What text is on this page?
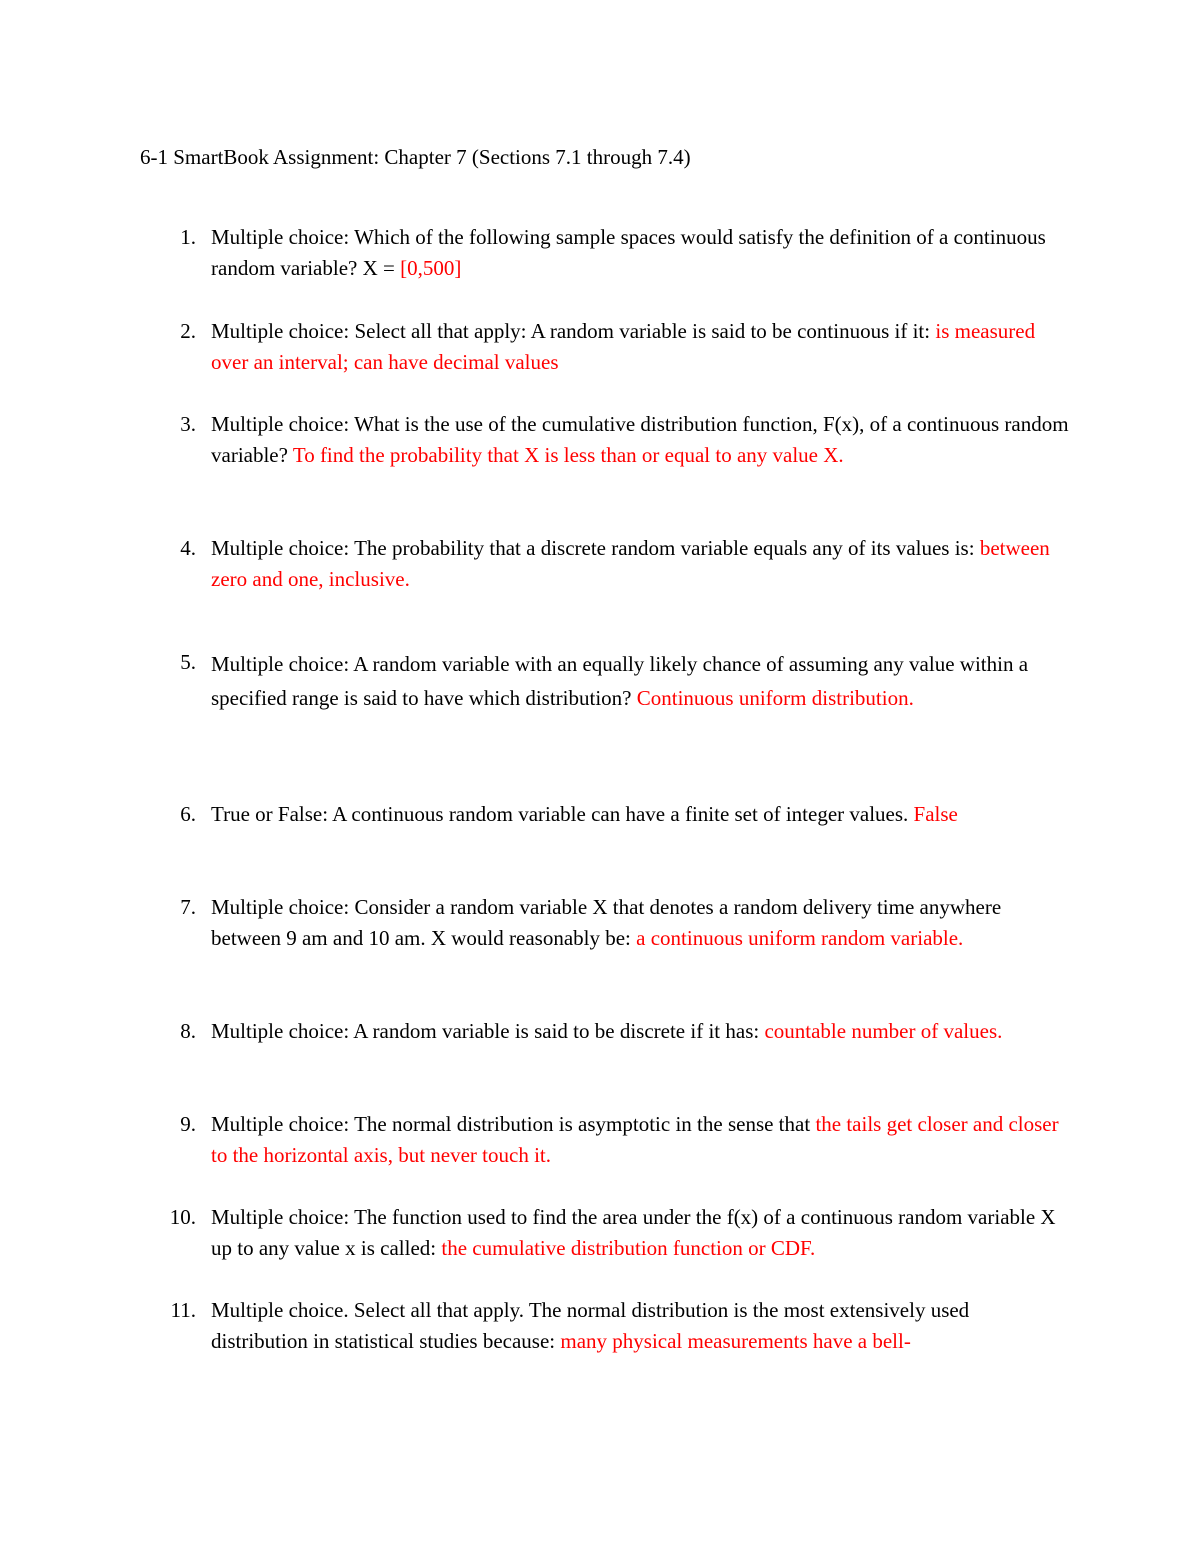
6-1 SmartBook Assignment: Chapter 7 (Sections 7.1 through 7.4)
1. Multiple choice: Which of the following sample spaces would satisfy the definition of a continuous random variable? X = [0,500]
2. Multiple choice: Select all that apply: A random variable is said to be continuous if it: is measured over an interval; can have decimal values
3. Multiple choice: What is the use of the cumulative distribution function, F(x), of a continuous random variable? To find the probability that X is less than or equal to any value X.
4. Multiple choice: The probability that a discrete random variable equals any of its values is: between zero and one, inclusive.
5. Multiple choice: A random variable with an equally likely chance of assuming any value within a specified range is said to have which distribution? Continuous uniform distribution.
6. True or False: A continuous random variable can have a finite set of integer values. False
7. Multiple choice: Consider a random variable X that denotes a random delivery time anywhere between 9 am and 10 am. X would reasonably be: a continuous uniform random variable.
8. Multiple choice: A random variable is said to be discrete if it has: countable number of values.
9. Multiple choice: The normal distribution is asymptotic in the sense that the tails get closer and closer to the horizontal axis, but never touch it.
10. Multiple choice: The function used to find the area under the f(x) of a continuous random variable X up to any value x is called: the cumulative distribution function or CDF.
11. Multiple choice. Select all that apply. The normal distribution is the most extensively used distribution in statistical studies because: many physical measurements have a bell-
